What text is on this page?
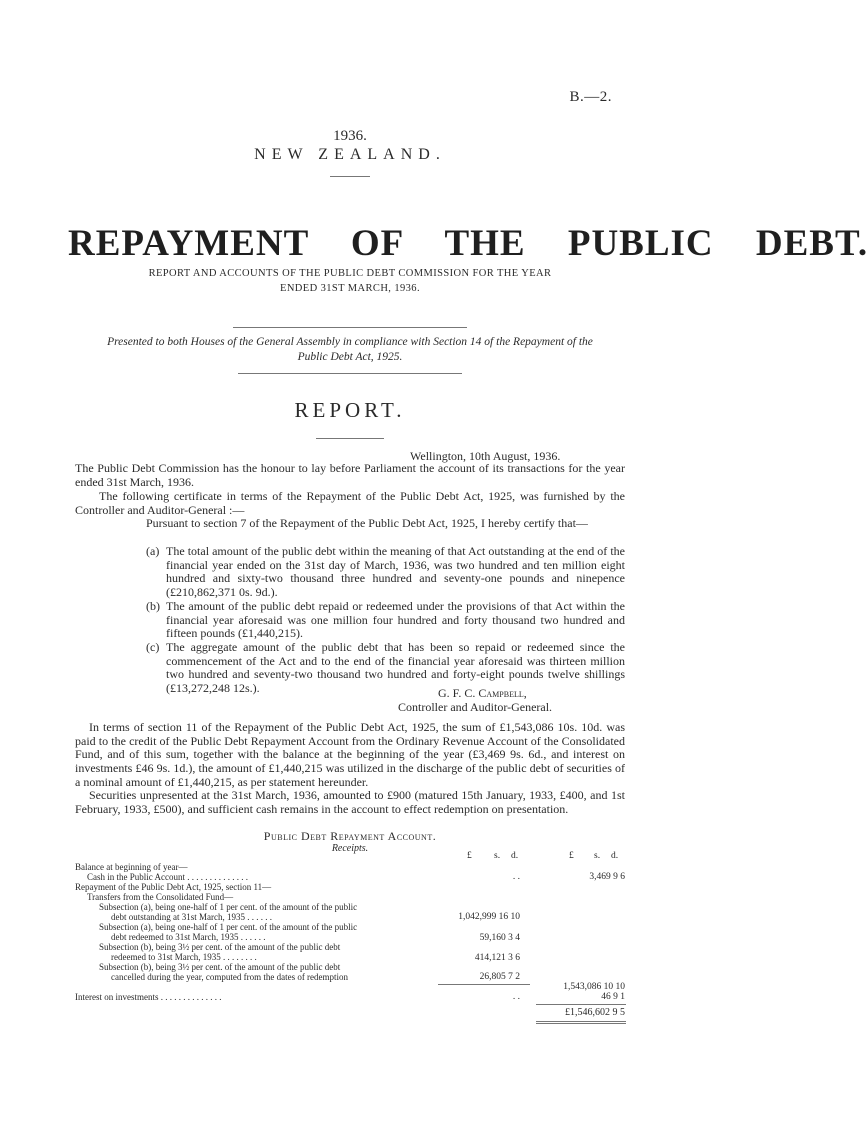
B.—2.
1936.
NEW ZEALAND.
REPAYMENT OF THE PUBLIC DEBT.
REPORT AND ACCOUNTS OF THE PUBLIC DEBT COMMISSION FOR THE YEAR
ENDED 31ST MARCH, 1936.
Presented to both Houses of the General Assembly in compliance with Section 14 of the Repayment of the
Public Debt Act, 1925.
REPORT.
Wellington, 10th August, 1936.
The Public Debt Commission has the honour to lay before Parliament the account of its transactions for the year ended 31st March, 1936.
The following certificate in terms of the Repayment of the Public Debt Act, 1925, was furnished by the Controller and Auditor-General :—
Pursuant to section 7 of the Repayment of the Public Debt Act, 1925, I hereby certify that—
(a) The total amount of the public debt within the meaning of that Act outstanding at the end of the financial year ended on the 31st day of March, 1936, was two hundred and ten million eight hundred and sixty-two thousand three hundred and seventy-one pounds and ninepence (£210,862,371 0s. 9d.).
(b) The amount of the public debt repaid or redeemed under the provisions of that Act within the financial year aforesaid was one million four hundred and forty thousand two hundred and fifteen pounds (£1,440,215).
(c) The aggregate amount of the public debt that has been so repaid or redeemed since the commencement of the Act and to the end of the financial year aforesaid was thirteen million two hundred and seventy-two thousand two hundred and forty-eight pounds twelve shillings (£13,272,248 12s.).	G. F. C. Campbell,
Controller and Auditor-General.
In terms of section 11 of the Repayment of the Public Debt Act, 1925, the sum of £1,543,086 10s. 10d. was paid to the credit of the Public Debt Repayment Account from the Ordinary Revenue Account of the Consolidated Fund, and of this sum, together with the balance at the beginning of the year (£3,469 9s. 6d., and interest on investments £46 9s. 1d.), the amount of £1,440,215 was utilized in the discharge of the public debt of securities of a nominal amount of £1,440,215, as per statement hereunder.
Securities unpresented at the 31st March, 1936, amounted to £900 (matured 15th January, 1933, £400, and 1st February, 1933, £500), and sufficient cash remains in the account to effect redemption on presentation.
Public Debt Repayment Account.
Receipts.
£ s. d.	£ s. d.
Balance at beginning of year—
Cash in the Public Account . . . . . . . . . . . . . .	. .	3,469 9 6
Repayment of the Public Debt Act, 1925, section 11—
Transfers from the Consolidated Fund—
Subsection (a), being one-half of 1 per cent. of the amount of the public
debt outstanding at 31st March, 1935 . . . . . .	1,042,999 16 10
Subsection (a), being one-half of 1 per cent. of the amount of the public
debt redeemed to 31st March, 1935 . . . . . .	59,160 3 4
Subsection (b), being 3½ per cent. of the amount of the public debt
redeemed to 31st March, 1935 . . . . . . . .	414,121 3 6
Subsection (b), being 3½ per cent. of the amount of the public debt
cancelled during the year, computed from the dates of redemption	26,805 7 2
1,543,086 10 10
Interest on investments . . . . . . . . . . . . . .	. .	46 9 1
£1,546,602 9 5
